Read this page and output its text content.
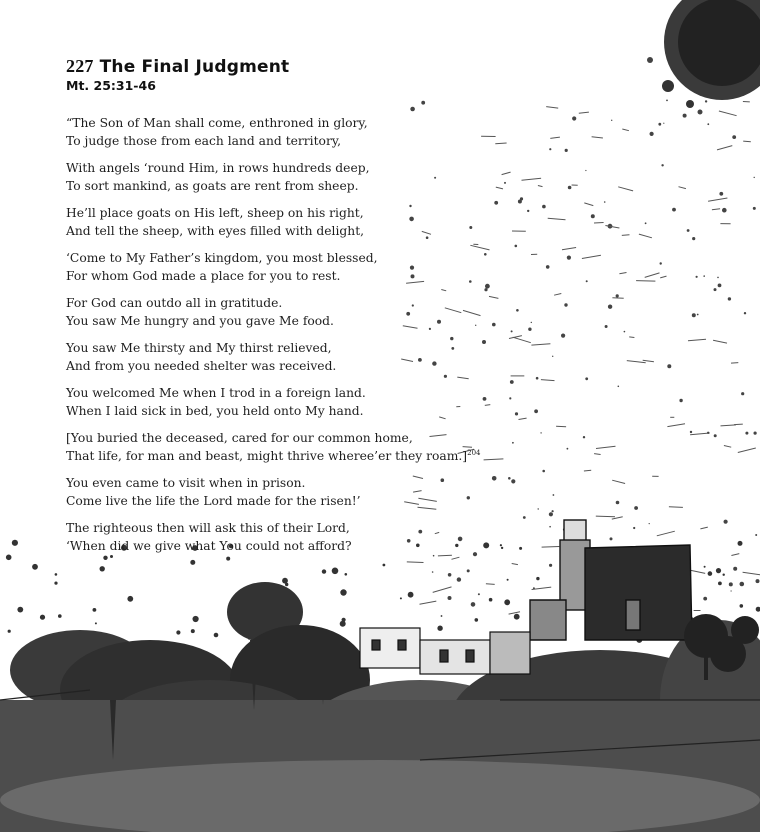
227 The Final Judgment
Mt. 25:31-46
“The Son of Man shall come, enthroned in glory,
To judge those from each land and territory,
With angels ‘round Him, in rows hundreds deep,
To sort mankind, as goats are rent from sheep.
He’ll place goats on His left, sheep on his right,
And tell the sheep, with eyes filled with delight,
‘Come to My Father’s kingdom, you most blessed,
For whom God made a place for you to rest.
For God can outdo all in gratitude.
You saw Me hungry and you gave Me food.
You saw Me thirsty and My thirst relieved,
And from you needed shelter was received.
You welcomed Me when I trod in a foreign land.
When I laid sick in bed, you held onto My hand.
[You buried the deceased, cared for our common home,
That life, for man and beast, might thrive wheree’er they roam.]$^{204}$
You even came to visit when in prison.
Come live the life the Lord made for the risen!’
The righteous then will ask this of their Lord,
‘When did we give what You could not afford?
